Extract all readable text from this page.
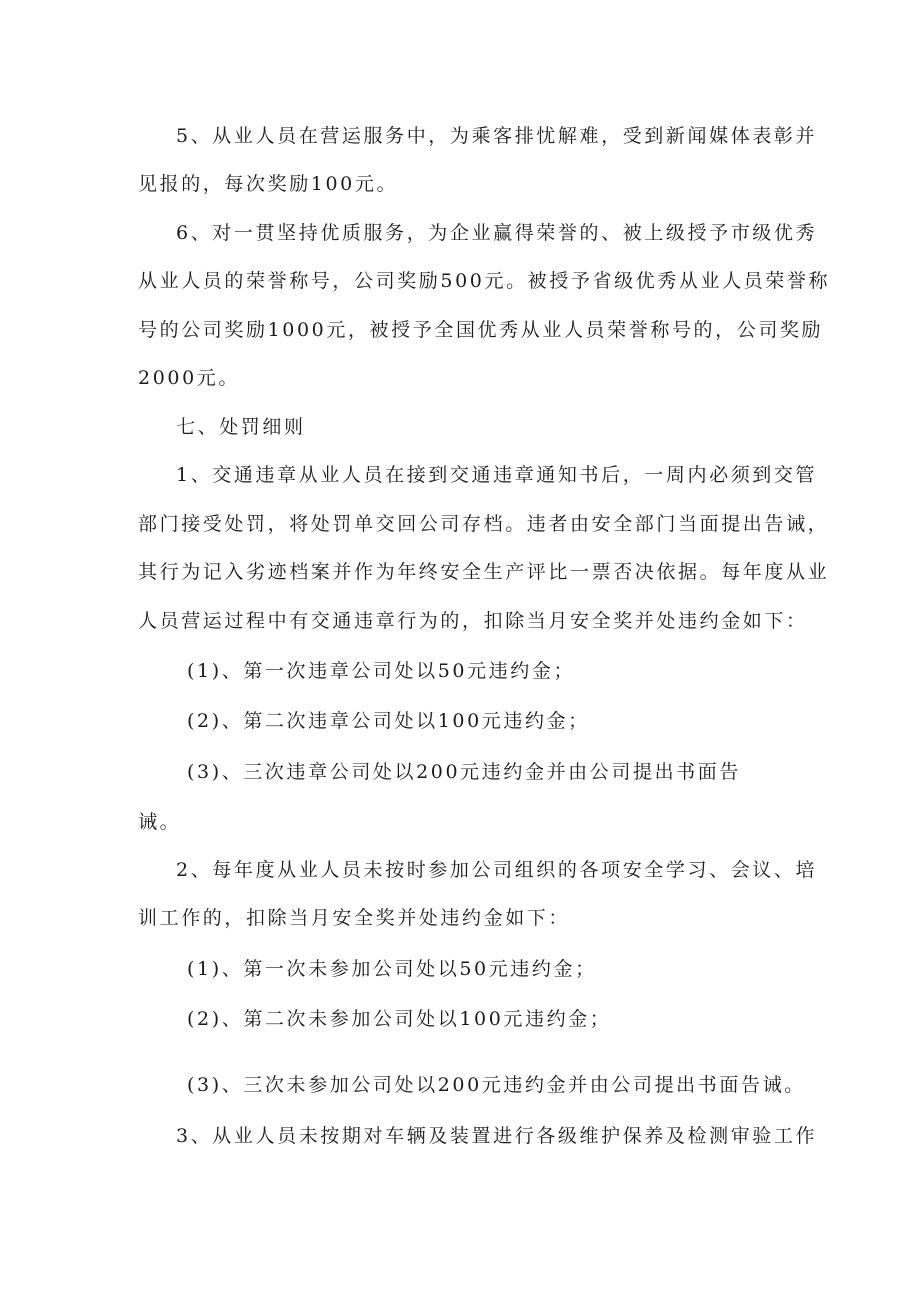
5、从业人员在营运服务中，为乘客排忧解难，受到新闻媒体表彰并
见报的，每次奖励100元。
6、对一贯坚持优质服务，为企业赢得荣誉的、被上级授予市级优秀
从业人员的荣誉称号，公司奖励500元。被授予省级优秀从业人员荣誉称
号的公司奖励1000元，被授予全国优秀从业人员荣誉称号的，公司奖励
2000元。
七、处罚细则
1、交通违章从业人员在接到交通违章通知书后，一周内必须到交管
部门接受处罚，将处罚单交回公司存档。违者由安全部门当面提出告诫，
其行为记入劣迹档案并作为年终安全生产评比一票否决依据。每年度从业
人员营运过程中有交通违章行为的，扣除当月安全奖并处违约金如下：
(1)、第一次违章公司处以50元违约金；
(2)、第二次违章公司处以100元违约金；
(3)、三次违章公司处以200元违约金并由公司提出书面告
诫。
2、每年度从业人员未按时参加公司组织的各项安全学习、会议、培
训工作的，扣除当月安全奖并处违约金如下：
(1)、第一次未参加公司处以50元违约金；
(2)、第二次未参加公司处以100元违约金；
(3)、三次未参加公司处以200元违约金并由公司提出书面告诫。
3、从业人员未按期对车辆及装置进行各级维护保养及检测审验工作
